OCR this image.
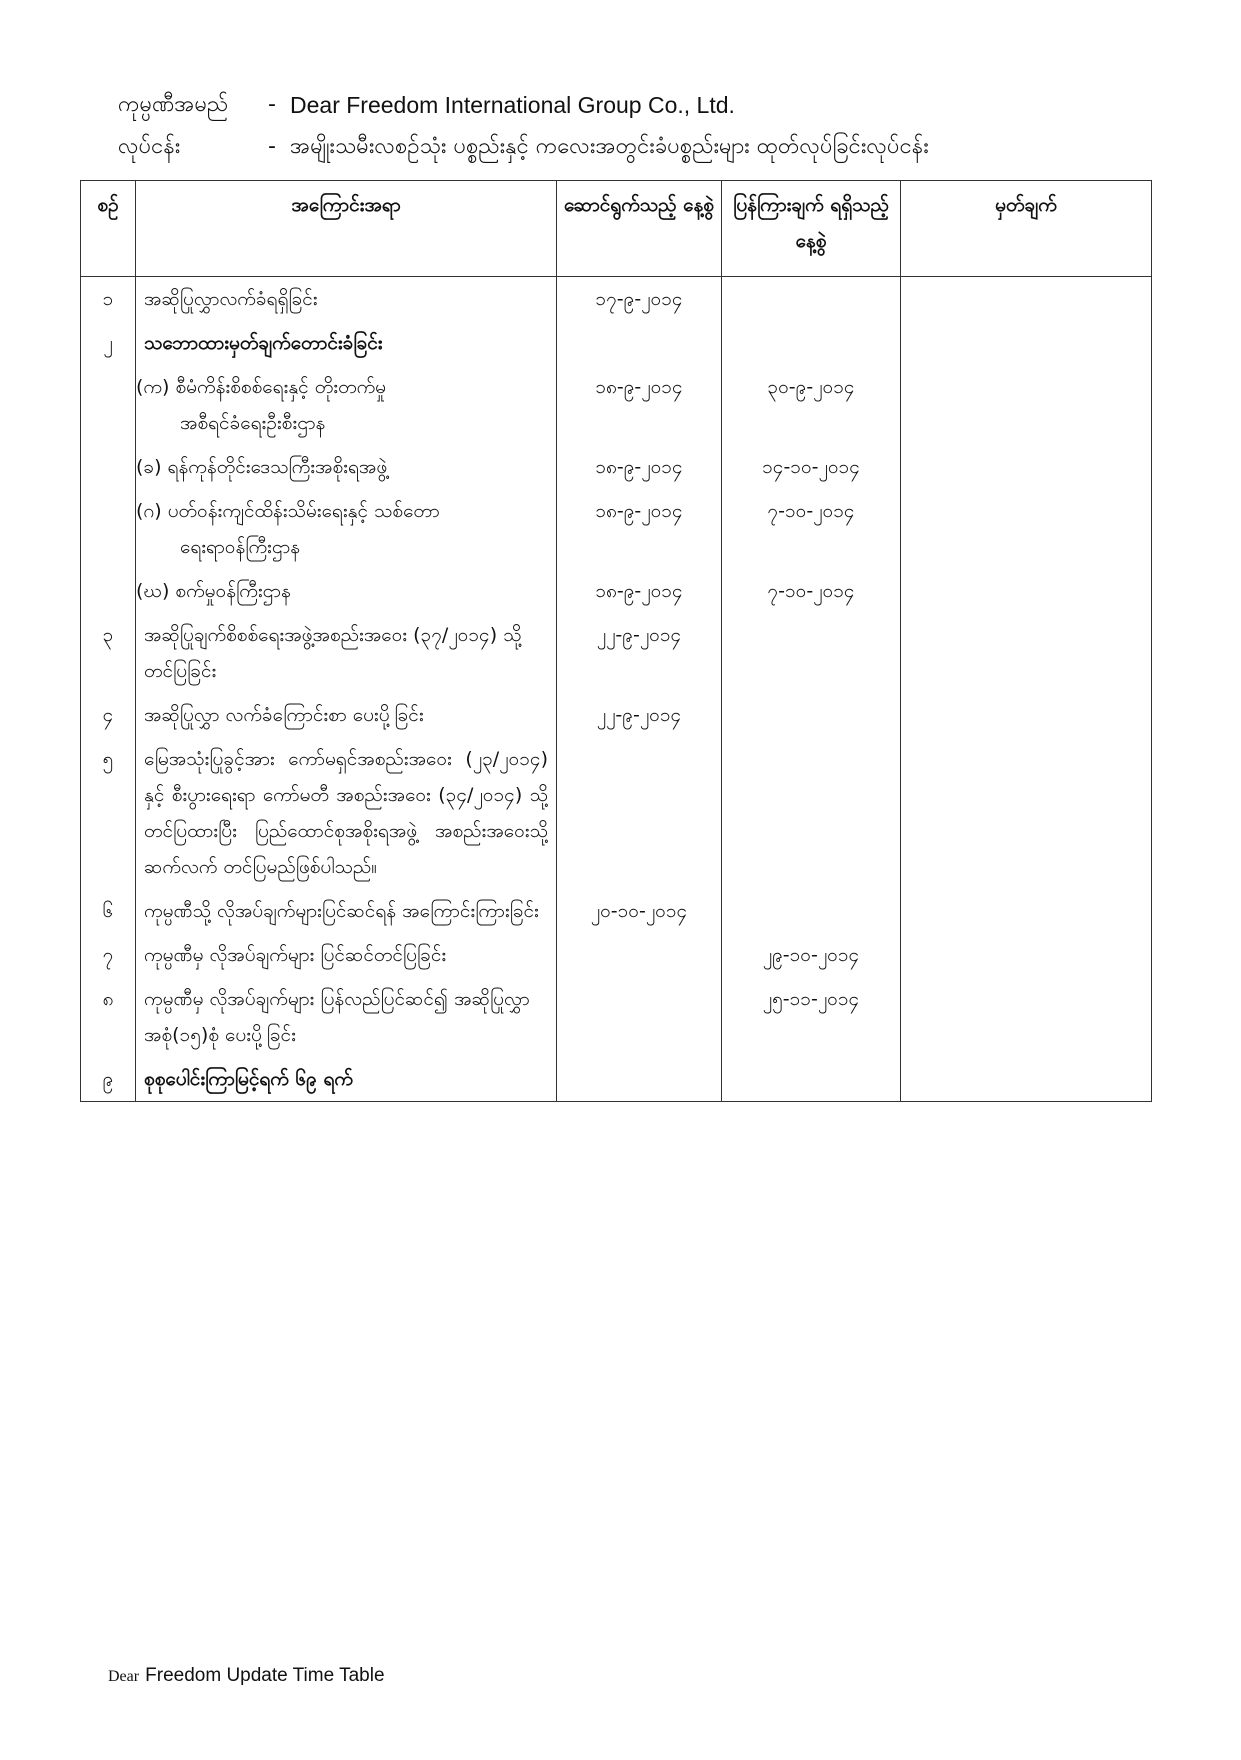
ကုမ္ပဏီအမည်	- Dear Freedom International Group Co., Ltd.
လုပ်ငန်း	- အမျိုးသမီးလစဉ်သုံး ပစ္စည်းနှင့် ကလေးအတွင်းခံပစ္စည်းများ ထုတ်လုပ်ခြင်းလုပ်ငန်း
စဉ်	အကြောင်းအရာ	ဆောင်ရွက်သည့် နေ့စွဲ	ပြန်ကြားချက် ရရှိသည့် နေ့စွဲ	မှတ်ချက်
၁	အဆိုပြုလွှာလက်ခံရရှိခြင်း	၁၇-၉-၂၀၁၄		
၂	သဘောထားမှတ်ချက်တောင်းခံခြင်း			
	(က) စီမံကိန်းစိစစ်ရေးနှင့် တိုးတက်မှု
အစီရင်ခံရေးဦးစီးဌာန	၁၈-၉-၂၀၁၄	၃၀-၉-၂၀၁၄	
	(ခ) ရန်ကုန်တိုင်းဒေသကြီးအစိုးရအဖွဲ့	၁၈-၉-၂၀၁၄	၁၄-၁၀-၂၀၁၄	
	(ဂ) ပတ်ဝန်းကျင်ထိန်းသိမ်းရေးနှင့် သစ်တော
ရေးရာဝန်ကြီးဌာန	၁၈-၉-၂၀၁၄	၇-၁၀-၂၀၁၄	
	(ဃ) စက်မှုဝန်ကြီးဌာန	၁၈-၉-၂၀၁၄	၇-၁၀-၂၀၁၄	
၃	အဆိုပြုချက်စိစစ်ရေးအဖွဲ့အစည်းအဝေး (၃၇/၂၀၁၄) သို့ တင်ပြခြင်း	၂၂-၉-၂၀၁၄		
၄	အဆိုပြုလွှာ လက်ခံကြောင်းစာ ပေးပို့ခြင်း	၂၂-၉-၂၀၁၄		
၅	မြေအသုံးပြုခွင့်အား ကော်မရှင်အစည်းအဝေး (၂၃/၂၀၁၄) နှင့် စီးပွားရေးရာ ကော်မတီ အစည်းအဝေး (၃၄/၂၀၁၄) သို့ တင်ပြထားပြီး ပြည်ထောင်စုအစိုးရအဖွဲ့ အစည်းအဝေးသို့ ဆက်လက် တင်ပြမည်ဖြစ်ပါသည်။			
၆	ကုမ္ပဏီသို့ လိုအပ်ချက်များပြင်ဆင်ရန် အကြောင်းကြားခြင်း	၂၀-၁၀-၂၀၁၄		
၇	ကုမ္ပဏီမှ လိုအပ်ချက်များ ပြင်ဆင်တင်ပြခြင်း		၂၉-၁၀-၂၀၁၄	
၈	ကုမ္ပဏီမှ လိုအပ်ချက်များ ပြန်လည်ပြင်ဆင်၍ အဆိုပြုလွှာ အစုံ(၁၅)စုံ ပေးပို့ခြင်း		၂၅-၁၁-၂၀၁၄	
၉	စုစုပေါင်းကြာမြင့်ရက် ၆၉ ရက်			
Dear Freedom Update Time Table
